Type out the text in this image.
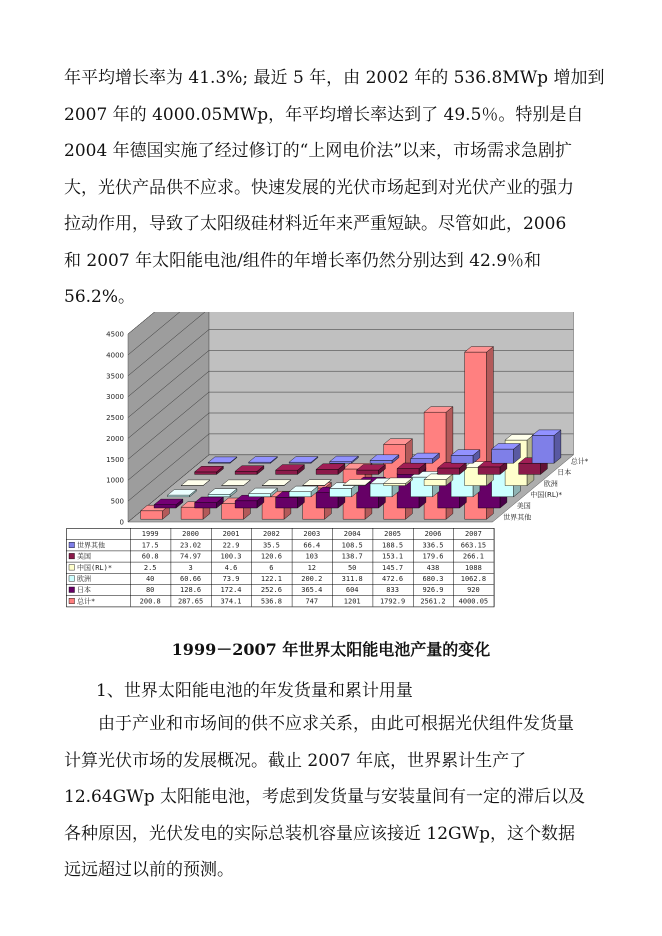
年平均增长率为 41.3%; 最近 5 年，由 2002 年的 536.8MWp 增加到
2007 年的 4000.05MWp，年平均增长率达到了 49.5％。特别是自
2004 年德国实施了经过修订的“上网电价法”以来，市场需求急剧扩
大，光伏产品供不应求。快速发展的光伏市场起到对光伏产业的强力
拉动作用，导致了太阳级硅材料近年来严重短缺。尽管如此，2006
和 2007 年太阳能电池/组件的年增长率仍然分别达到 42.9％和
56.2%。
0
500
1000
1500
2000
2500
3000
3500
4000
4500
总计*
日本
欧洲
中国(RL)*
美国
世界其他
1999	2000	2001	2002	2003	2004	2005	2006	2007
世界其他	17.5	23.02	22.9	35.5	66.4	108.5	188.5	336.5 663.15
美国	60.8	74.97	100.3	120.6	103	138.7	153.1	179.6	266.1
中国(RL)*	2.5	3	4.6	6	12	50	145.7	438	1088
欧洲	40	60.66	73.9	122.1	200.2	311.8	472.6	680.3 1062.8
日本	80	128.6	172.4	252.6	365.4	604	833	926.9	920
总计*	200.8 287.65 374.1	536.8	747	1201	1792.9 2561.2 4000.05
1999－2007 年世界太阳能电池产量的变化
1、世界太阳能电池的年发货量和累计用量
由于产业和市场间的供不应求关系，由此可根据光伏组件发货量
计算光伏市场的发展概况。截止 2007 年底，世界累计生产了
12.64GWp 太阳能电池，考虑到发货量与安装量间有一定的滞后以及
各种原因，光伏发电的实际总装机容量应该接近 12GWp，这个数据
远远超过以前的预测。
